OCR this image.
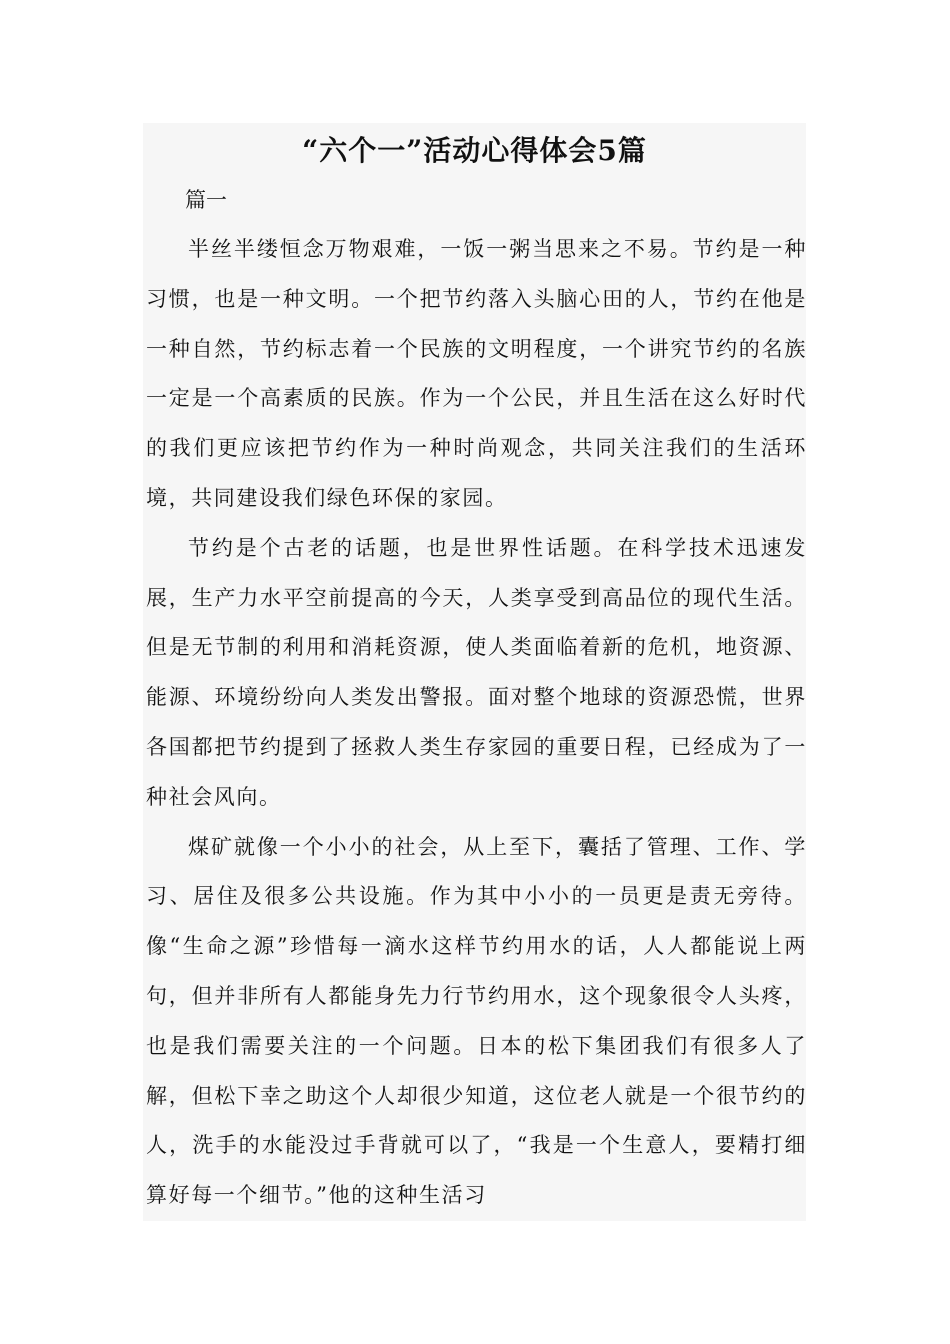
“六个一”活动心得体会5篇
篇一

半丝半缕恒念万物艰难，一饭一粥当思来之不易。节约是一种习惯，也是一种文明。一个把节约落入头脑心田的人，节约在他是一种自然，节约标志着一个民族的文明程度，一个讲究节约的名族一定是一个高素质的民族。作为一个公民，并且生活在这么好时代的我们更应该把节约作为一种时尚观念，共同关注我们的生活环境，共同建设我们绿色环保的家园。

节约是个古老的话题，也是世界性话题。在科学技术迅速发展，生产力水平空前提高的今天，人类享受到高品位的现代生活。但是无节制的利用和消耗资源，使人类面临着新的危机，地资源、能源、环境纷纷向人类发出警报。面对整个地球的资源恐慌，世界各国都把节约提到了拯救人类生存家园的重要日程，已经成为了一种社会风向。

煤矿就像一个小小的社会，从上至下，囊括了管理、工作、学习、居住及很多公共设施。作为其中小小的一员更是责无旁待。像“生命之源”珍惜每一滴水这样节约用水的话，人人都能说上两句，但并非所有人都能身先力行节约用水，这个现象很令人头疼，也是我们需要关注的一个问题。日本的松下集团我们有很多人了解，但松下幸之助这个人却很少知道，这位老人就是一个很节约的人，洗手的水能没过手背就可以了，“我是一个生意人，要精打细算好每一个细节。”他的这种生活习
